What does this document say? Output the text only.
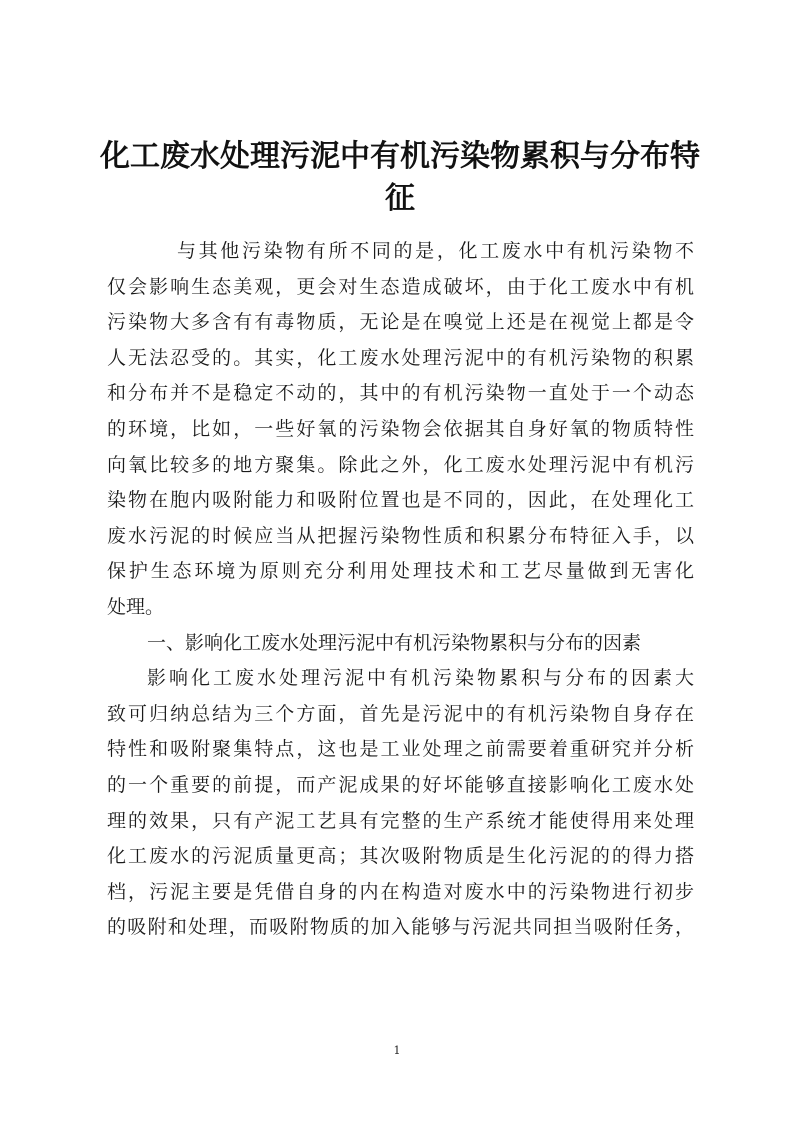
化工废水处理污泥中有机污染物累积与分布特
征
与其他污染物有所不同的是，化工废水中有机污染物不
仅会影响生态美观，更会对生态造成破坏，由于化工废水中有机
污染物大多含有有毒物质，无论是在嗅觉上还是在视觉上都是令
人无法忍受的。其实，化工废水处理污泥中的有机污染物的积累
和分布并不是稳定不动的，其中的有机污染物一直处于一个动态
的环境，比如，一些好氧的污染物会依据其自身好氧的物质特性
向氧比较多的地方聚集。除此之外，化工废水处理污泥中有机污
染物在胞内吸附能力和吸附位置也是不同的，因此，在处理化工
废水污泥的时候应当从把握污染物性质和积累分布特征入手，以
保护生态环境为原则充分利用处理技术和工艺尽量做到无害化
处理。
一、影响化工废水处理污泥中有机污染物累积与分布的因素
影响化工废水处理污泥中有机污染物累积与分布的因素大
致可归纳总结为三个方面，首先是污泥中的有机污染物自身存在
特性和吸附聚集特点，这也是工业处理之前需要着重研究并分析
的一个重要的前提，而产泥成果的好坏能够直接影响化工废水处
理的效果，只有产泥工艺具有完整的生产系统才能使得用来处理
化工废水的污泥质量更高；其次吸附物质是生化污泥的的得力搭
档，污泥主要是凭借自身的内在构造对废水中的污染物进行初步
的吸附和处理，而吸附物质的加入能够与污泥共同担当吸附任务，
1
